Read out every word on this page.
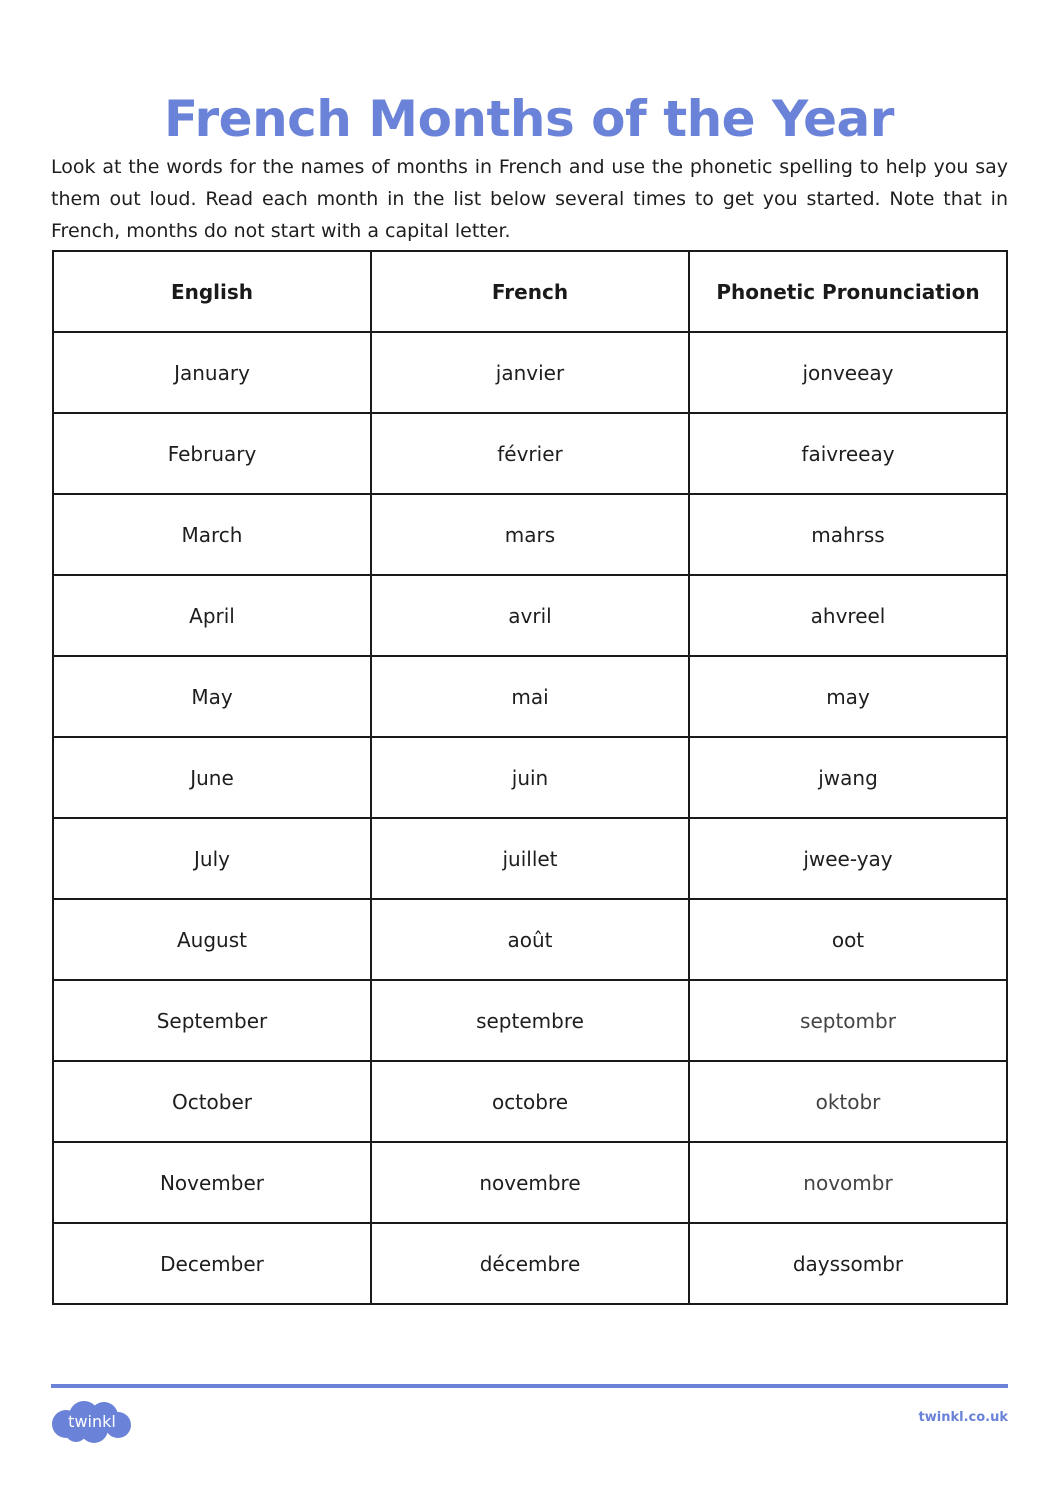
French Months of the Year

Look at the words for the names of months in French and use the phonetic spelling to help you say them out loud. Read each month in the list below several times to get you started. Note that in French, months do not start with a capital letter.

English	French	Phonetic Pronunciation
January	janvier	jonveeay
February	février	faivreeay
March	mars	mahrss
April	avril	ahvreel
May	mai	may
June	juin	jwang
July	juillet	jwee-yay
August	août	oot
September	septembre	septombr
October	octobre	oktobr
November	novembre	novombr
December	décembre	dayssombr
twinkl	twinkl.co.uk
